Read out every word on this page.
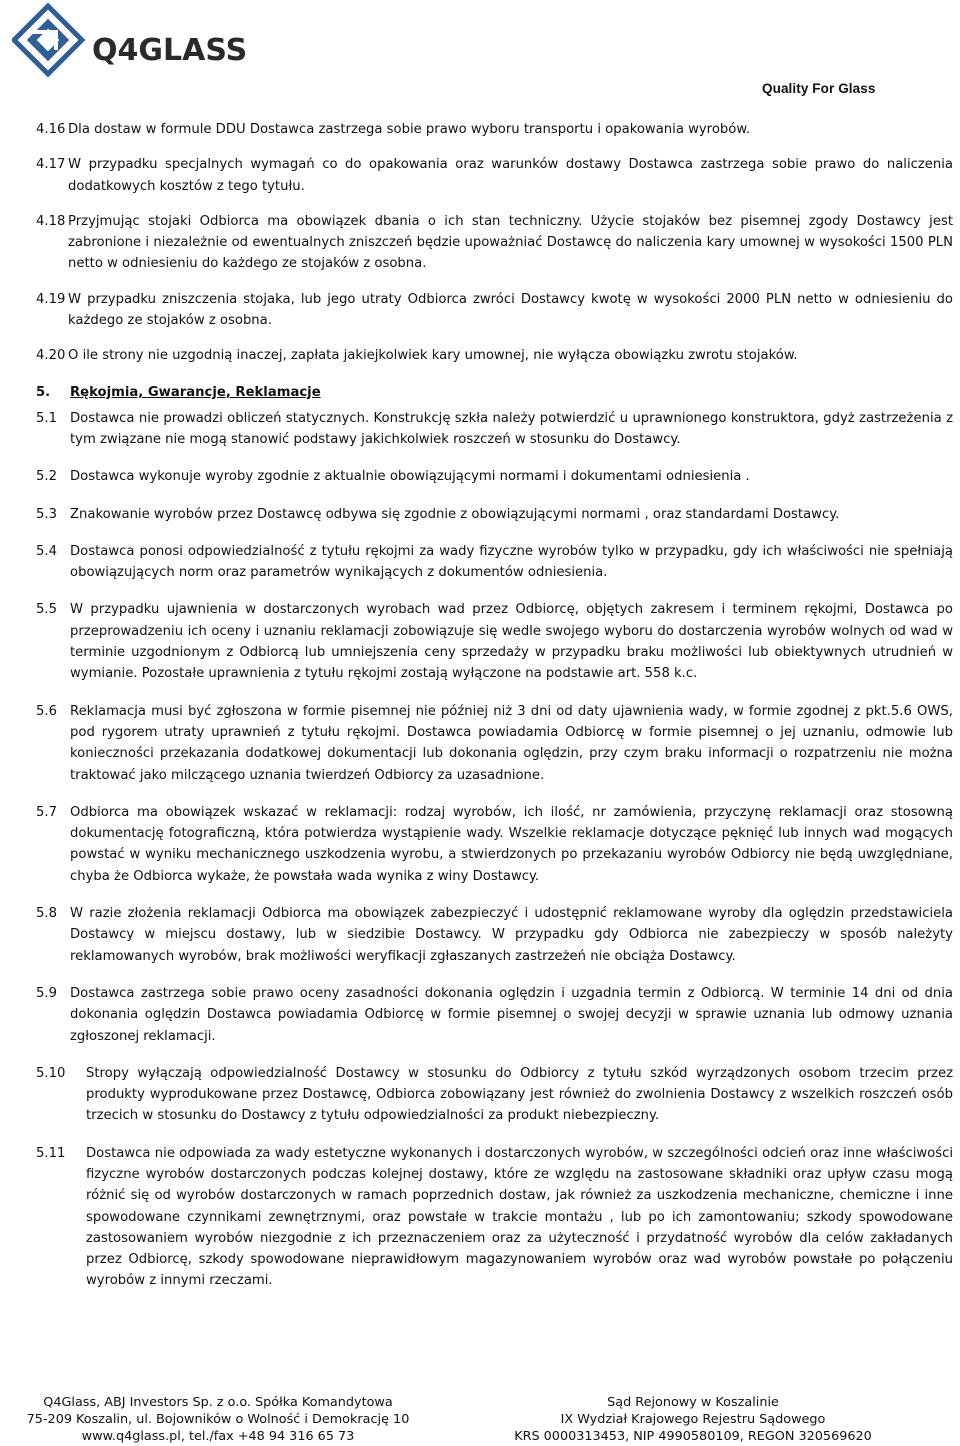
Q4GLASS
Quality For Glass
4.16 Dla dostaw w formule DDU Dostawca zastrzega sobie prawo wyboru transportu i opakowania wyrobów.
4.17 W przypadku specjalnych wymagań co do opakowania oraz warunków dostawy Dostawca zastrzega sobie prawo do naliczenia dodatkowych kosztów z tego tytułu.
4.18 Przyjmując stojaki Odbiorca ma obowiązek dbania o ich stan techniczny. Użycie stojaków bez pisemnej zgody Dostawcy jest zabronione i niezależnie od ewentualnych zniszczeń będzie upoważniać Dostawcę do naliczenia kary umownej w wysokości 1500 PLN netto w odniesieniu do każdego ze stojaków z osobna.
4.19 W przypadku zniszczenia stojaka, lub jego utraty Odbiorca zwróci Dostawcy kwotę w wysokości 2000 PLN netto w odniesieniu do każdego ze stojaków z osobna.
4.20 O ile strony nie uzgodnią inaczej, zapłata jakiejkolwiek kary umownej, nie wyłącza obowiązku zwrotu stojaków.
5. Rękojmia, Gwarancje, Reklamacje
5.1 Dostawca nie prowadzi obliczeń statycznych. Konstrukcję szkła należy potwierdzić u uprawnionego konstruktora, gdyż zastrzeżenia z tym związane nie mogą stanowić podstawy jakichkolwiek roszczeń w stosunku do Dostawcy.
5.2 Dostawca wykonuje wyroby zgodnie z aktualnie obowiązującymi normami i dokumentami odniesienia .
5.3 Znakowanie wyrobów przez Dostawcę odbywa się zgodnie z obowiązującymi normami , oraz standardami Dostawcy.
5.4 Dostawca ponosi odpowiedzialność z tytułu rękojmi za wady fizyczne wyrobów tylko w przypadku, gdy ich właściwości nie spełniają obowiązujących norm oraz parametrów wynikających z dokumentów odniesienia.
5.5 W przypadku ujawnienia w dostarczonych wyrobach wad przez Odbiorcę, objętych zakresem i terminem rękojmi, Dostawca po przeprowadzeniu ich oceny i uznaniu reklamacji zobowiązuje się wedle swojego wyboru do dostarczenia wyrobów wolnych od wad w terminie uzgodnionym z Odbiorcą lub umniejszenia ceny sprzedaży w przypadku braku możliwości lub obiektywnych utrudnień w wymianie. Pozostałe uprawnienia z tytułu rękojmi zostają wyłączone na podstawie art. 558 k.c.
5.6 Reklamacja musi być zgłoszona w formie pisemnej nie później niż 3 dni od daty ujawnienia wady, w formie zgodnej z pkt.5.6 OWS, pod rygorem utraty uprawnień z tytułu rękojmi. Dostawca powiadamia Odbiorcę w formie pisemnej o jej uznaniu, odmowie lub konieczności przekazania dodatkowej dokumentacji lub dokonania oględzin, przy czym braku informacji o rozpatrzeniu nie można traktować jako milczącego uznania twierdzeń Odbiorcy za uzasadnione.
5.7 Odbiorca ma obowiązek wskazać w reklamacji: rodzaj wyrobów, ich ilość, nr zamówienia, przyczynę reklamacji oraz stosowną dokumentację fotograficzną, która potwierdza wystąpienie wady. Wszelkie reklamacje dotyczące pęknięć lub innych wad mogących powstać w wyniku mechanicznego uszkodzenia wyrobu, a stwierdzonych po przekazaniu wyrobów Odbiorcy nie będą uwzględniane, chyba że Odbiorca wykaże, że powstała wada wynika z winy Dostawcy.
5.8 W razie złożenia reklamacji Odbiorca ma obowiązek zabezpieczyć i udostępnić reklamowane wyroby dla oględzin przedstawiciela Dostawcy w miejscu dostawy, lub w siedzibie Dostawcy. W przypadku gdy Odbiorca nie zabezpieczy w sposób należyty reklamowanych wyrobów, brak możliwości weryfikacji zgłaszanych zastrzeżeń nie obciąża Dostawcy.
5.9 Dostawca zastrzega sobie prawo oceny zasadności dokonania oględzin i uzgadnia termin z Odbiorcą. W terminie 14 dni od dnia dokonania oględzin Dostawca powiadamia Odbiorcę w formie pisemnej o swojej decyzji w sprawie uznania lub odmowy uznania zgłoszonej reklamacji.
5.10 Stropy wyłączają odpowiedzialność Dostawcy w stosunku do Odbiorcy z tytułu szkód wyrządzonych osobom trzecim przez produkty wyprodukowane przez Dostawcę, Odbiorca zobowiązany jest również do zwolnienia Dostawcy z wszelkich roszczeń osób trzecich w stosunku do Dostawcy z tytułu odpowiedzialności za produkt niebezpieczny.
5.11 Dostawca nie odpowiada za wady estetyczne wykonanych i dostarczonych wyrobów, w szczególności odcień oraz inne właściwości fizyczne wyrobów dostarczonych podczas kolejnej dostawy, które ze względu na zastosowane składniki oraz upływ czasu mogą różnić się od wyrobów dostarczonych w ramach poprzednich dostaw, jak również za uszkodzenia mechaniczne, chemiczne i inne spowodowane czynnikami zewnętrznymi, oraz powstałe w trakcie montażu , lub po ich zamontowaniu; szkody spowodowane zastosowaniem wyrobów niezgodnie z ich przeznaczeniem oraz za użyteczność i przydatność wyrobów dla celów zakładanych przez Odbiorcę, szkody spowodowane nieprawidłowym magazynowaniem wyrobów oraz wad wyrobów powstałe po połączeniu wyrobów z innymi rzeczami.
Q4Glass, ABJ Investors Sp. z o.o. Spółka Komandytowa
75-209 Koszalin, ul. Bojowników o Wolność i Demokrację 10
www.q4glass.pl, tel./fax +48 94 316 65 73
Sąd Rejonowy w Koszalinie
IX Wydział Krajowego Rejestru Sądowego
KRS 0000313453, NIP 4990580109, REGON 320569620
